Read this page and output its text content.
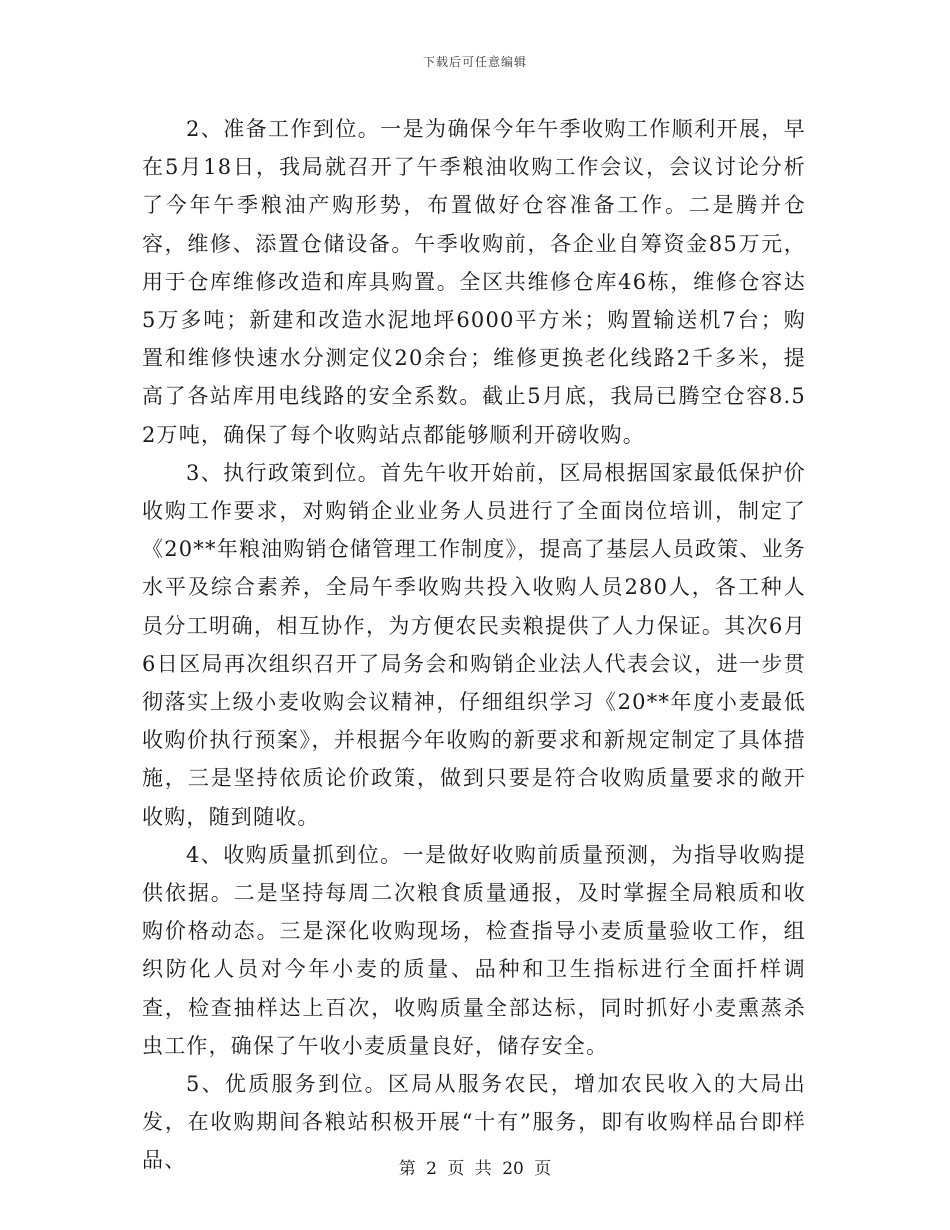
下载后可任意编辑

2、准备工作到位。一是为确保今年午季收购工作顺利开展，早在5月18日，我局就召开了午季粮油收购工作会议，会议讨论分析了今年午季粮油产购形势，布置做好仓容准备工作。二是腾并仓容，维修、添置仓储设备。午季收购前，各企业自筹资金85万元，用于仓库维修改造和库具购置。全区共维修仓库46栋，维修仓容达5万多吨；新建和改造水泥地坪6000平方米；购置输送机7台；购置和维修快速水分测定仪20余台；维修更换老化线路2千多米，提高了各站库用电线路的安全系数。截止5月底，我局已腾空仓容8.52万吨，确保了每个收购站点都能够顺利开磅收购。

3、执行政策到位。首先午收开始前，区局根据国家最低保护价收购工作要求，对购销企业业务人员进行了全面岗位培训，制定了《20**年粮油购销仓储管理工作制度》，提高了基层人员政策、业务水平及综合素养，全局午季收购共投入收购人员280人，各工种人员分工明确，相互协作，为方便农民卖粮提供了人力保证。其次6月6日区局再次组织召开了局务会和购销企业法人代表会议，进一步贯彻落实上级小麦收购会议精神，仔细组织学习《20**年度小麦最低收购价执行预案》，并根据今年收购的新要求和新规定制定了具体措施，三是坚持依质论价政策，做到只要是符合收购质量要求的敞开收购，随到随收。

4、收购质量抓到位。一是做好收购前质量预测，为指导收购提供依据。二是坚持每周二次粮食质量通报，及时掌握全局粮质和收购价格动态。三是深化收购现场，检查指导小麦质量验收工作，组织防化人员对今年小麦的质量、品种和卫生指标进行全面扦样调查，检查抽样达上百次，收购质量全部达标，同时抓好小麦熏蒸杀虫工作，确保了午收小麦质量良好，储存安全。

5、优质服务到位。区局从服务农民，增加农民收入的大局出发，在收购期间各粮站积极开展“十有”服务，即有收购样品台即样品、	第 2 页 共 20 页
